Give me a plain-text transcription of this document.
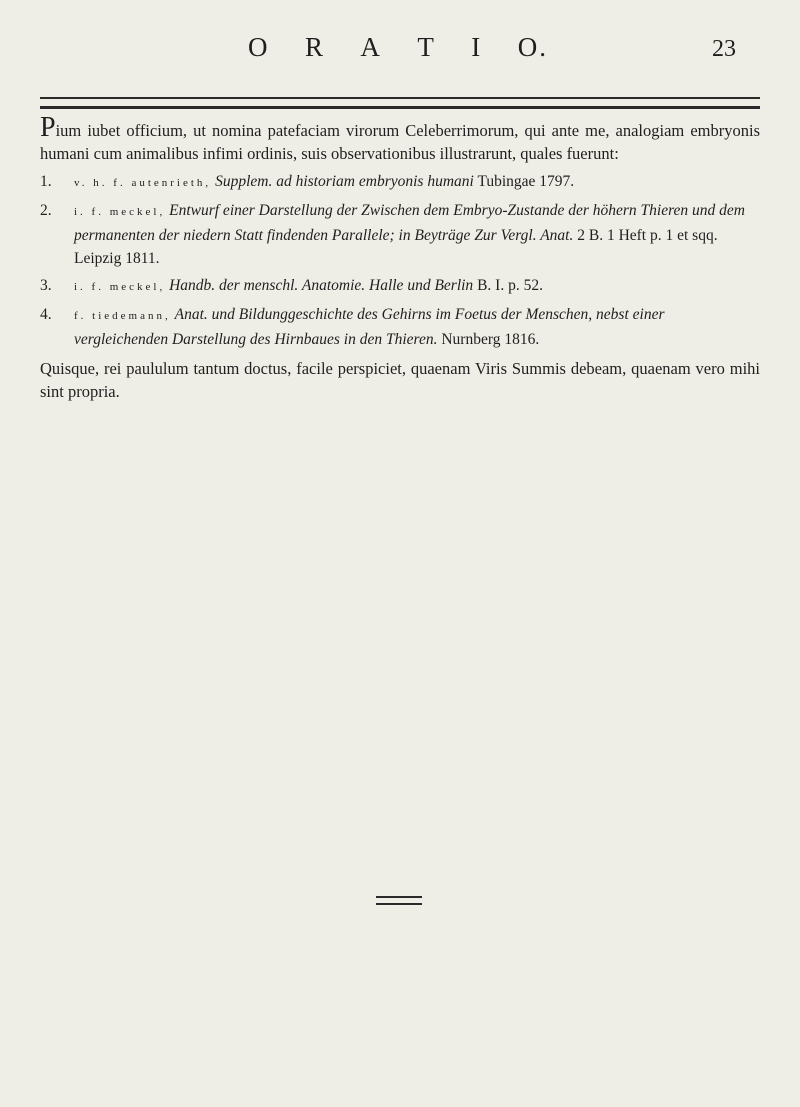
O R A T I O.	23

Pium iubet officium, ut nomina patefaciam virorum Celeberrimorum, qui ante me, analogiam embryonis humani cum animalibus infimi ordinis, suis observationibus illustrarunt, quales fuerunt:

1. v. h. f. autenrieth, Supplem. ad historiam embryonis humani Tubingae 1797.

2. i. f. meckel, Entwurf einer Darstellung der Zwischen dem Embryo-Zustande der höhern Thieren und dem permanenten der niedern Statt findenden Parallele; in Beyträge Zur Vergl. Anat. 2 B. 1 Heft p. 1 et sqq. Leipzig 1811.

3. i. f. meckel, Handb. der menschl. Anatomie. Halle und Berlin B. I. p. 52.

4. f. tiedemann, Anat. und Bildunggeschichte des Gehirns im Foetus der Menschen, nebst einer vergleichenden Darstellung des Hirnbaues in den Thieren. Nurnberg 1816.

Quisque, rei paululum tantum doctus, facile perspiciet, quaenam Viris Summis debeam, quaenam vero mihi sint propria.
